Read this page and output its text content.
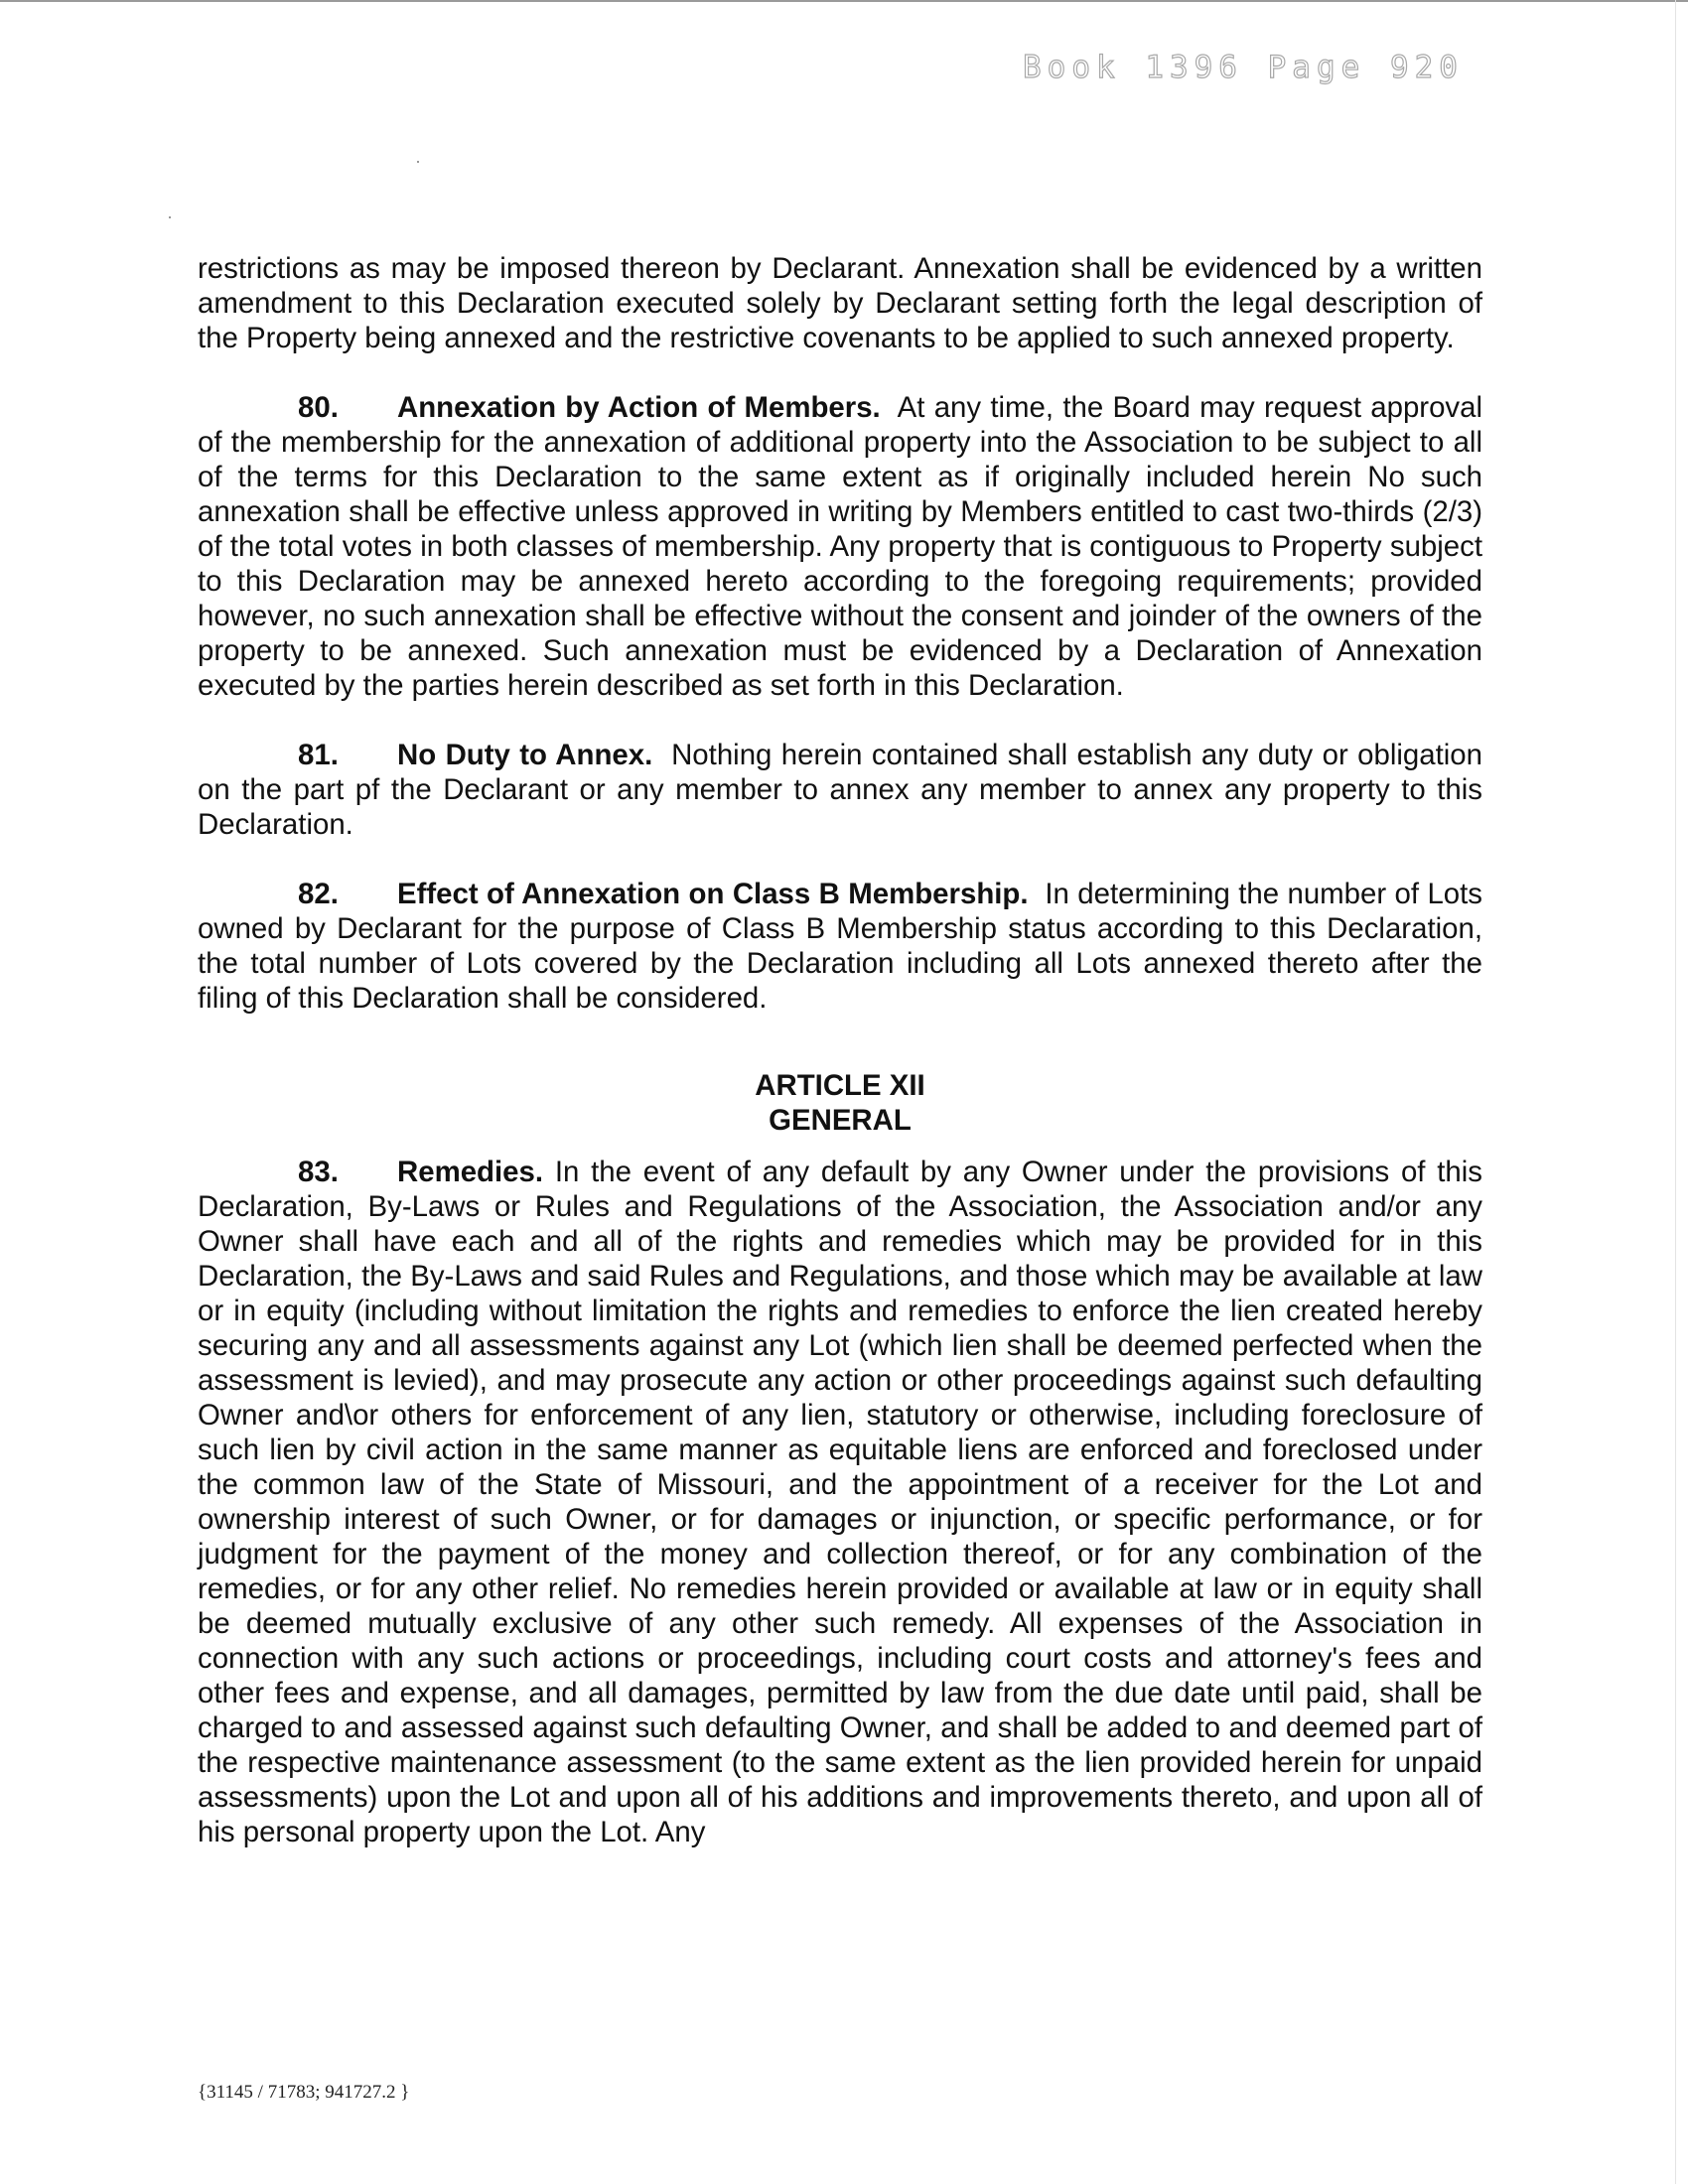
Book 1396 Page 920

restrictions as may be imposed thereon by Declarant. Annexation shall be evidenced by a written amendment to this Declaration executed solely by Declarant setting forth the legal description of the Property being annexed and the restrictive covenants to be applied to such annexed property.

80. Annexation by Action of Members. At any time, the Board may request approval of the membership for the annexation of additional property into the Association to be subject to all of the terms for this Declaration to the same extent as if originally included herein No such annexation shall be effective unless approved in writing by Members entitled to cast two-thirds (2/3) of the total votes in both classes of membership. Any property that is contiguous to Property subject to this Declaration may be annexed hereto according to the foregoing requirements; provided however, no such annexation shall be effective without the consent and joinder of the owners of the property to be annexed. Such annexation must be evidenced by a Declaration of Annexation executed by the parties herein described as set forth in this Declaration.

81. No Duty to Annex. Nothing herein contained shall establish any duty or obligation on the part pf the Declarant or any member to annex any member to annex any property to this Declaration.

82. Effect of Annexation on Class B Membership. In determining the number of Lots owned by Declarant for the purpose of Class B Membership status according to this Declaration, the total number of Lots covered by the Declaration including all Lots annexed thereto after the filing of this Declaration shall be considered.

ARTICLE XII
GENERAL

83. Remedies. In the event of any default by any Owner under the provisions of this Declaration, By-Laws or Rules and Regulations of the Association, the Association and/or any Owner shall have each and all of the rights and remedies which may be provided for in this Declaration, the By-Laws and said Rules and Regulations, and those which may be available at law or in equity (including without limitation the rights and remedies to enforce the lien created hereby securing any and all assessments against any Lot (which lien shall be deemed perfected when the assessment is levied), and may prosecute any action or other proceedings against such defaulting Owner and\or others for enforcement of any lien, statutory or otherwise, including foreclosure of such lien by civil action in the same manner as equitable liens are enforced and foreclosed under the common law of the State of Missouri, and the appointment of a receiver for the Lot and ownership interest of such Owner, or for damages or injunction, or specific performance, or for judgment for the payment of the money and collection thereof, or for any combination of the remedies, or for any other relief. No remedies herein provided or available at law or in equity shall be deemed mutually exclusive of any other such remedy. All expenses of the Association in connection with any such actions or proceedings, including court costs and attorney's fees and other fees and expense, and all damages, permitted by law from the due date until paid, shall be charged to and assessed against such defaulting Owner, and shall be added to and deemed part of the respective maintenance assessment (to the same extent as the lien provided herein for unpaid assessments) upon the Lot and upon all of his additions and improvements thereto, and upon all of his personal property upon the Lot. Any

{31145 / 71783; 941727.2 }
